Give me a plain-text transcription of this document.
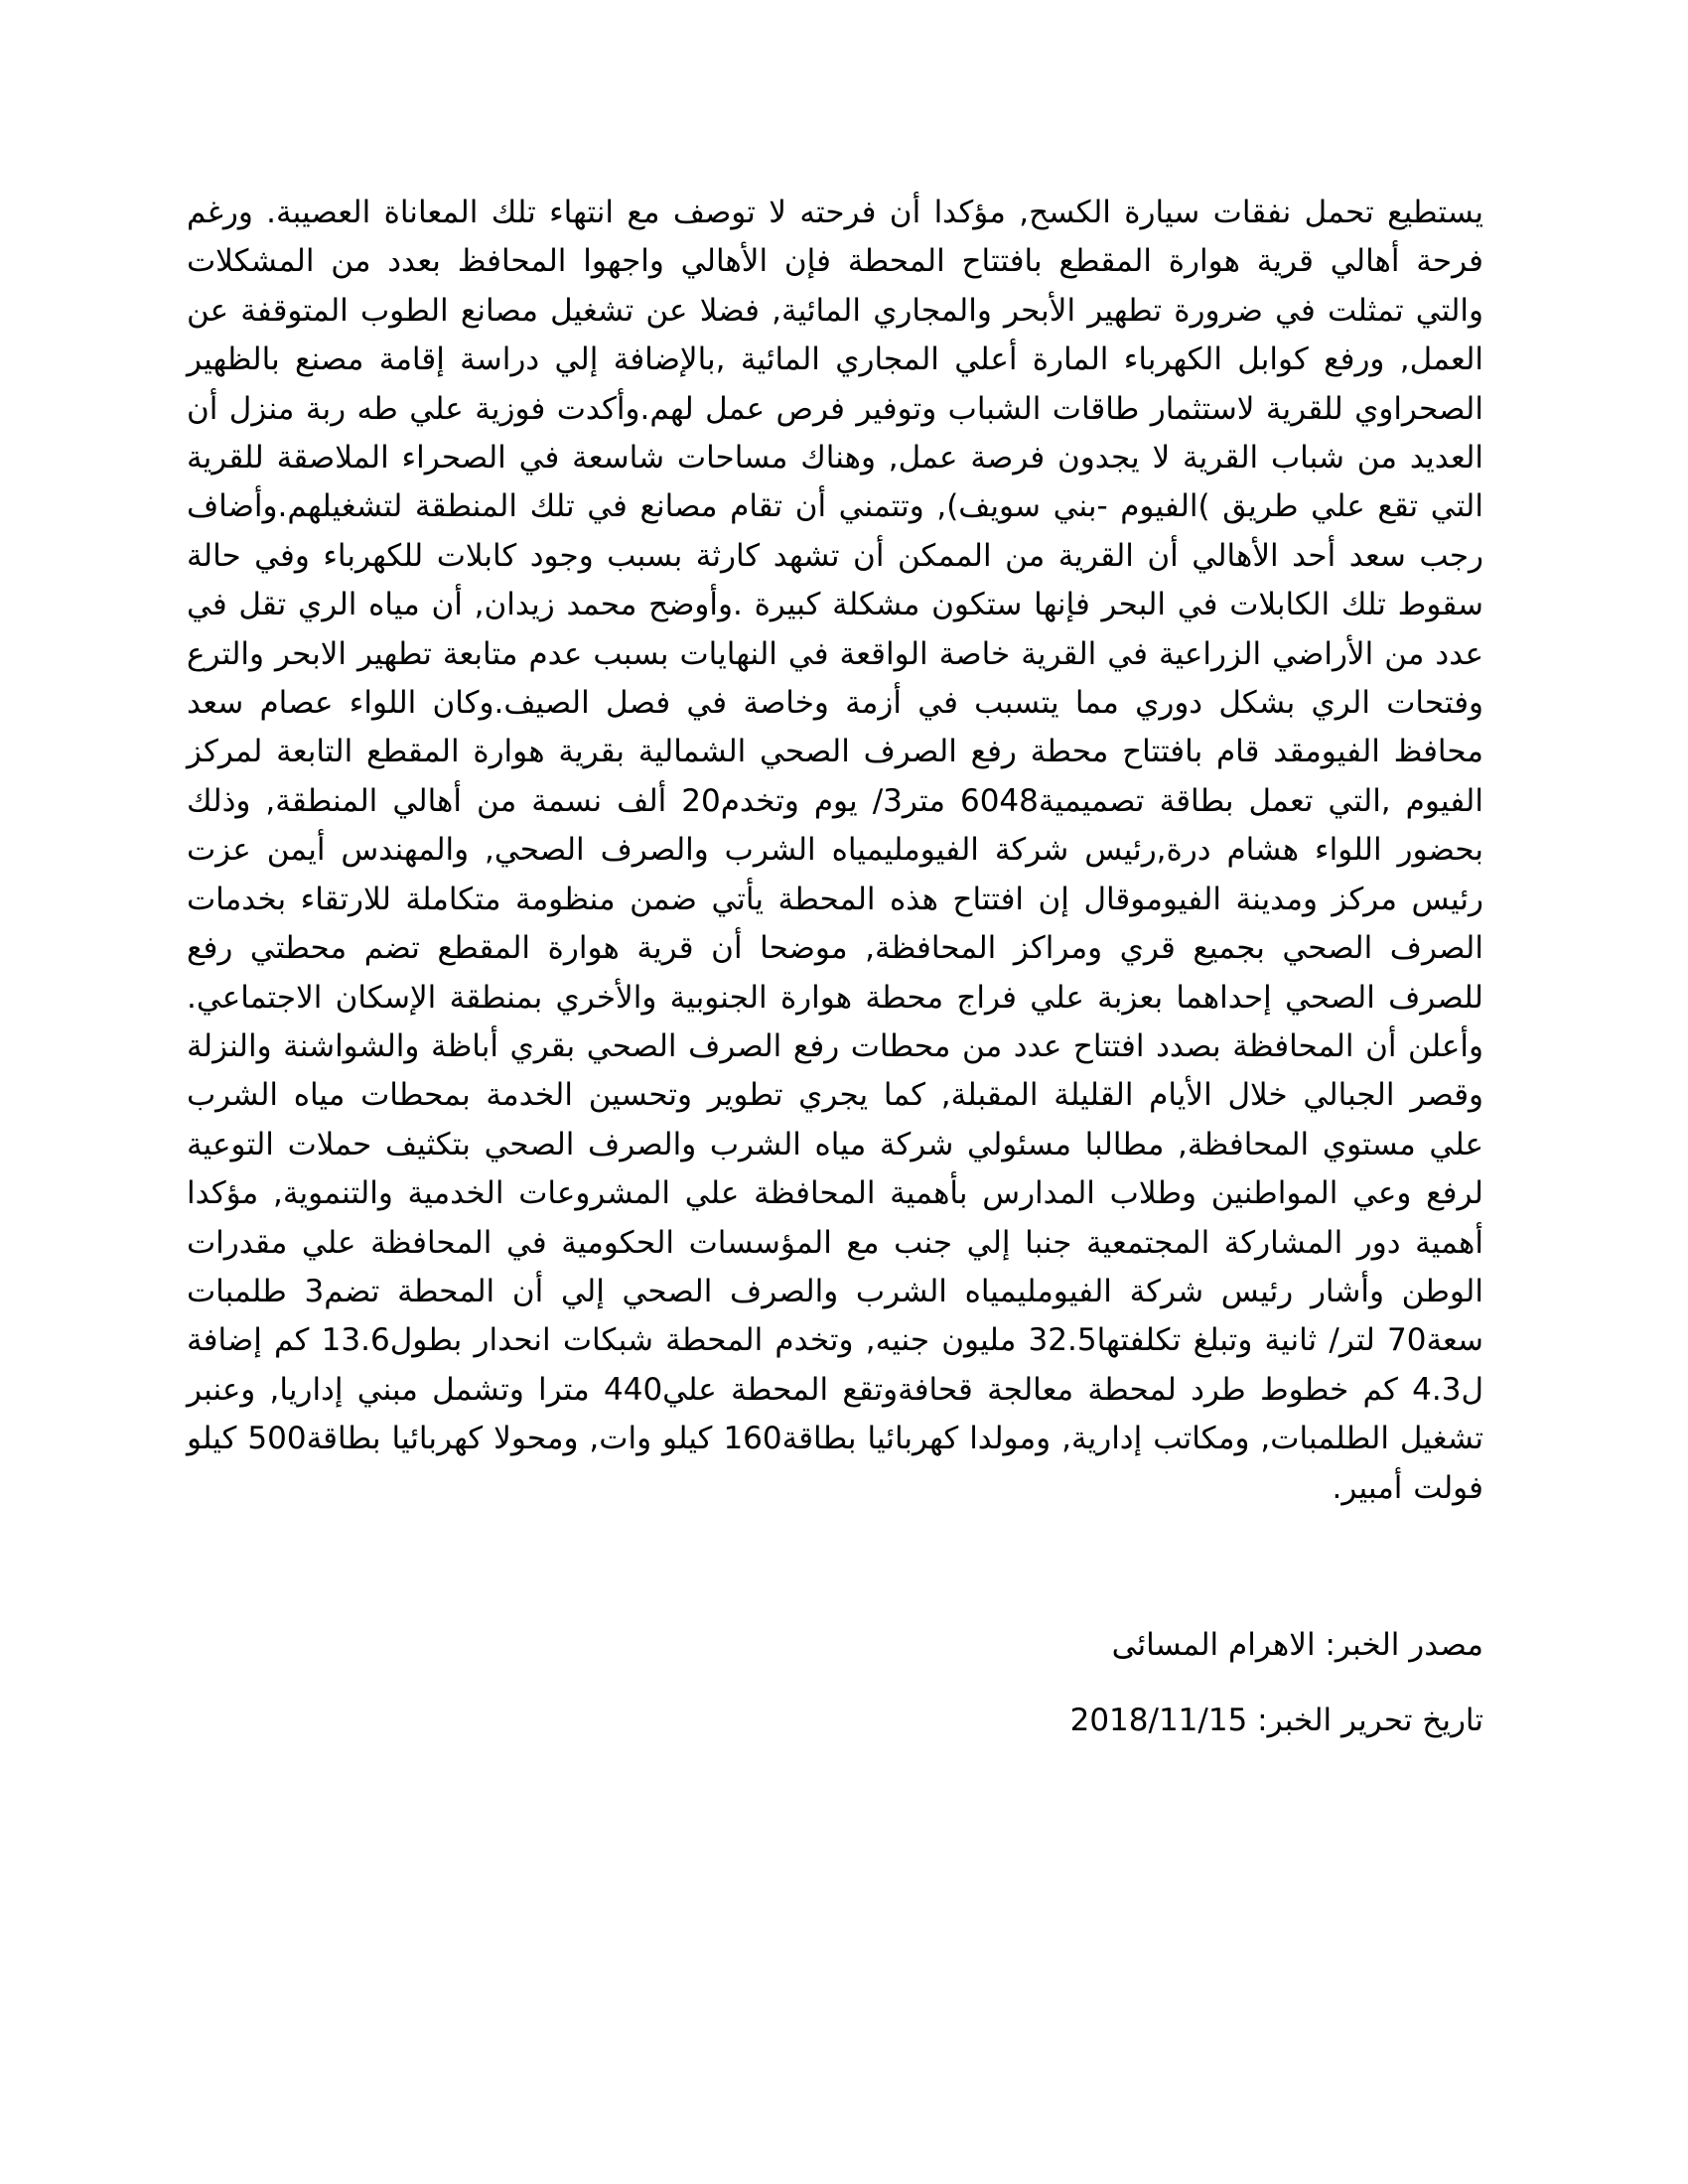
يستطيع تحمل نفقات سيارة الكسح, مؤكدا أن فرحته لا توصف مع انتهاء تلك المعاناة العصيبة. ورغم فرحة أهالي قرية هوارة المقطع بافتتاح المحطة فإن الأهالي واجهوا المحافظ بعدد من المشكلات والتي تمثلت في ضرورة تطهير الأبحر والمجاري المائية, فضلا عن تشغيل مصانع الطوب المتوقفة عن العمل, ورفع كوابل الكهرباء المارة أعلي المجاري المائية ,بالإضافة إلي دراسة إقامة مصنع بالظهير الصحراوي للقرية لاستثمار طاقات الشباب وتوفير فرص عمل لهم.وأكدت فوزية علي طه ربة منزل أن العديد من شباب القرية لا يجدون فرصة عمل, وهناك مساحات شاسعة في الصحراء الملاصقة للقرية التي تقع علي طريق )الفيوم -بني سويف), وتتمني أن تقام مصانع في تلك المنطقة لتشغيلهم.وأضاف رجب سعد أحد الأهالي أن القرية من الممكن أن تشهد كارثة بسبب وجود كابلات للكهرباء وفي حالة سقوط تلك الكابلات في البحر فإنها ستكون مشكلة كبيرة .وأوضح محمد زيدان, أن مياه الري تقل في عدد من الأراضي الزراعية في القرية خاصة الواقعة في النهايات بسبب عدم متابعة تطهير الابحر والترع وفتحات الري بشكل دوري مما يتسبب في أزمة وخاصة في فصل الصيف.وكان اللواء عصام سعد محافظ الفيومقد قام بافتتاح محطة رفع الصرف الصحي الشمالية بقرية هوارة المقطع التابعة لمركز الفيوم ,التي تعمل بطاقة تصميمية6048 متر3/ يوم وتخدم20 ألف نسمة من أهالي المنطقة, وذلك بحضور اللواء هشام درة,رئيس شركة الفيومليمياه الشرب والصرف الصحي, والمهندس أيمن عزت رئيس مركز ومدينة الفيوموقال إن افتتاح هذه المحطة يأتي ضمن منظومة متكاملة للارتقاء بخدمات الصرف الصحي بجميع قري ومراكز المحافظة, موضحا أن قرية هوارة المقطع تضم محطتي رفع للصرف الصحي إحداهما بعزبة علي فراج محطة هوارة الجنوبية والأخري بمنطقة الإسكان الاجتماعي. وأعلن أن المحافظة بصدد افتتاح عدد من محطات رفع الصرف الصحي بقري أباظة والشواشنة والنزلة وقصر الجبالي خلال الأيام القليلة المقبلة, كما يجري تطوير وتحسين الخدمة بمحطات مياه الشرب علي مستوي المحافظة, مطالبا مسئولي شركة مياه الشرب والصرف الصحي بتكثيف حملات التوعية لرفع وعي المواطنين وطلاب المدارس بأهمية المحافظة علي المشروعات الخدمية والتنموية, مؤكدا أهمية دور المشاركة المجتمعية جنبا إلي جنب مع المؤسسات الحكومية في المحافظة علي مقدرات الوطن وأشار رئيس شركة الفيومليمياه الشرب والصرف الصحي إلي أن المحطة تضم3 طلمبات سعة70 لتر/ ثانية وتبلغ تكلفتها32.5 مليون جنيه, وتخدم المحطة شبكات انحدار بطول13.6 كم إضافة ل4.3 كم خطوط طرد لمحطة معالجة قحافةوتقع المحطة علي440 مترا وتشمل مبني إداريا, وعنبر تشغيل الطلمبات, ومكاتب إدارية, ومولدا كهربائيا بطاقة160 كيلو وات, ومحولا كهربائيا بطاقة500 كيلو فولت أمبير.

مصدر الخبر: الاهرام المسائى

تاريخ تحرير الخبر: 2018/11/15
